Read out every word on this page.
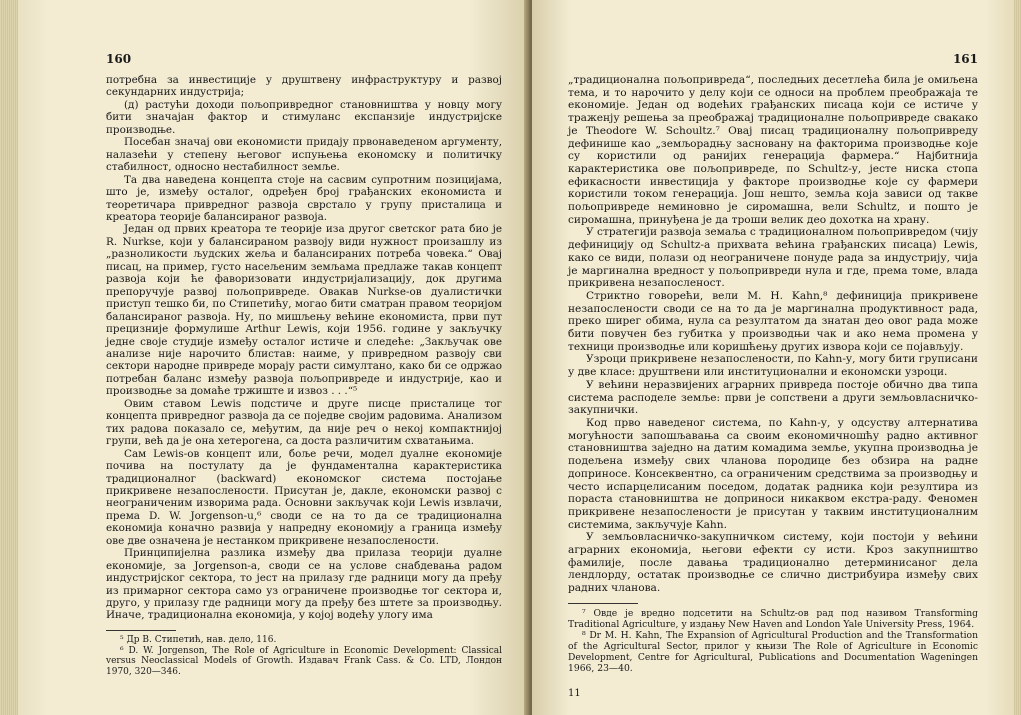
160

потребна за инвестиције у друштвену инфраструктуру и развој секундарних индустрија;

(д) растући доходи пољопривредног становништва у новцу могу бити значајан фактор и стимуланс експанзије индустријске производње.

Посебан значај ови економисти придају првонаведеном аргументу, налазећи у степену његовог испуњења економску и политичку стабилност, односно нестабилност земље.

Та два наведена концепта стоје на сасвим супротним позицијама, што је, између осталог, одређен број грађанских економиста и теоретичара привредног развоја сврстало у групу присталица и креатора теорије балансираног развоја.

Један од првих креатора те теорије иза другог светског рата био је R. Nurkse, који у балансираном развоју види нужност произашлу из „разноликости људских жеља и балансираних потреба човека.“ Овај писац, на пример, густо насељеним земљама предлаже такав концепт развоја који ће фаворизовати индустријализацију, док другима препоручује развој пољопривреде. Овакав Nurkse-ов дуалистички приступ тешко би, по Стипетићу, могао бити сматран правом теоријом балансираног развоја. Ну, по мишљењу већине економиста, први пут прецизније формулише Arthur Lewis, који 1956. године у закључку једне своје студије између осталог истиче и следеће: „Закључак ове анализе није нарочито блистав: наиме, у привредном развоју сви сектори народне привреде морају расти симултано, како би се одржао потребан баланс између развоја пољопривреде и индустрије, као и производње за домаће тржиште и извоз . . .“⁵

Овим ставом Lewis подстиче и друге писце присталице тог концепта привредног развоја да се поједве својим радовима. Анализом тих радова показало се, међутим, да није реч о некој компактнијој групи, већ да је она хетерогена, са доста различитим схватањима.

Сам Lewis-ов концепт или, боље речи, модел дуалне економије почива на постулату да је фундаментална карактеристика традиционалног (backward) економског система постојање прикривене незапослености. Присутан је, дакле, економски развој с неограниченим изворима рада. Основни закључак који Lewis извлачи, према D. W. Jorgenson-u,⁶ своди се на то да се традиционална економија коначно развија у напредну економију а граница између ове две означена је нестанком прикривене незапослености.

Принципијелна разлика између два прилаза теорији дуалне економије, за Jorgenson-а, своди се на услове снабдевања радом индустријског сектора, то јест на прилазу где радници могу да пређу из примарног сектора само уз ограничене производње тог сектора и, друго, у прилазу где радници могу да пређу без штете за производњу. Иначе, традиционална економија, у којој водећу улогу има

⁵ Др В. Стипетић, нав. дело, 116.

⁶ D. W. Jorgenson, The Role of Agriculture in Economic Development: Classical versus Neoclassical Models of Growth. Издавач Frank Cass. & Co. LTD, Лондон 1970, 320—346.

161

„традиционална пољопривреда“, последњих десетлећа била је омиљена тема, и то нарочито у делу који се односи на проблем преображаја те економије. Један од водећих грађанских писаца који се истиче у траженју решења за преображај традиционалне пољопривреде свакако је Theodore W. Schoultz.⁷ Овај писац традиционалну пољопривреду дефинише као „земљорадњу засновану на факторима производње које су користили од ранијих генерација фармера.“ Најбитнија карактеристика ове пољопривреде, по Schultz-у, јесте ниска стопа ефикасности инвестиција у факторе производње које су фармери користили током генерација. Још нешто, земља која зависи од такве пољопривреде неминовно је сиромашна, вели Schultz, и пошто је сиромашна, принуђена је да троши велик део дохотка на храну.

У стратегији развоја земаља с традиционалном пољопривредом (чију дефиницију од Schultz-а прихвата већина грађанских писаца) Lewis, како се види, полази од неограничене понуде рада за индустрију, чија је маргинална вредност у пољопривреди нула и где, према томе, влада прикривена незапосленост.

Стриктно говорећи, вели M. H. Kahn,⁸ дефиниција прикривене незапослености своди се на то да је маргинална продуктивност рада, преко ширег обима, нула са резултатом да знатан део овог рада може бити повучен без губитка у производњи чак и ако нема промена у техници производње или коришћењу других извора који се појављују.

Узроци прикривене незапослености, по Kahn-у, могу бити груписани у две класе: друштвени или институционални и економски узроци.

У већини неразвијених аграрних привреда постоје обично два типа система расподеле земље: први је сопствени а други земљовласничко-закупнички.

Код прво наведеног система, по Kahn-у, у одсуству алтернатива могућности запошљавања са своим економичношћу радно активног становништва заједно на датим комадима земље, укупна производња је подељена између свих чланова породице без обзира на радне доприносе. Консеквентно, са ограниченим средствима за производњу и често испарцелисаним поседом, додатак радника који резултира из пораста становништва не доприноси никаквом екстра-раду. Феномен прикривене незапослености је присутан у таквим институционалним системима, закључује Kahn.

У земљовласничко-закупничком систему, који постоји у већини аграрних економија, његови ефекти су исти. Кроз закупништво фамилије, после давања традиционално детерминисаног дела лендлорду, остатак производње се слично дистрибуира између свих радних чланова.

⁷ Овде је вредно подсетити на Schultz-ов рад под називом Transforming Traditional Agriculture, у издању New Haven and London Yale University Press, 1964.

⁸ Dr M. H. Kahn, The Expansion of Agricultural Production and the Transformation of the Agricultural Sector, прилог у књизи The Role of Agriculture in Economic Development, Centre for Agricultural, Publications and Documentation Wageningen 1966, 23—40.

11
